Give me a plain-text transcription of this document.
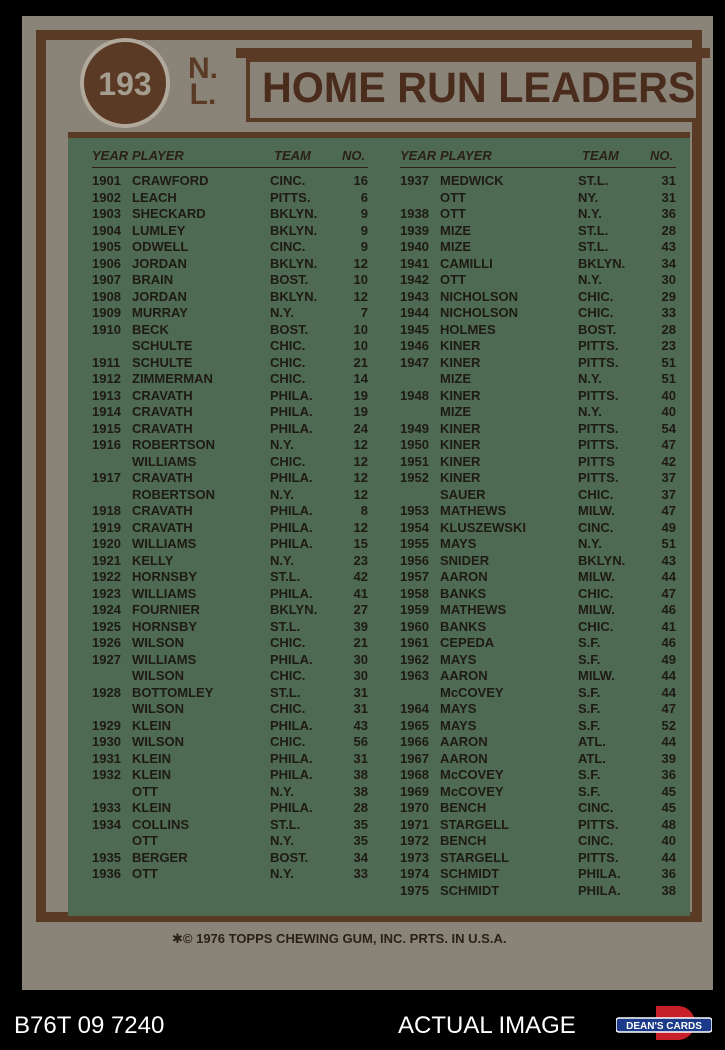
HOME RUN LEADERS
193	N.
L.
YEAR PLAYER	TEAM NO.
1901 CRAWFORD	CINC.	16
1902 LEACH	PITTS.	6
1903 SHECKARD	BKLYN.	9
1904 LUMLEY	BKLYN.	9
1905 ODWELL	CINC.	9
1906 JORDAN	BKLYN.	12
1907 BRAIN	BOST.	10
1908 JORDAN	BKLYN.	12
1909 MURRAY	N.Y.	7
1910 BECK	BOST.	10
SCHULTE	CHIC.	10
1911 SCHULTE	CHIC.	21
1912 ZIMMERMAN	CHIC.	14
1913 CRAVATH	PHILA.	19
1914 CRAVATH	PHILA.	19
1915 CRAVATH	PHILA.	24
1916 ROBERTSON	N.Y.	12
WILLIAMS	CHIC.	12
1917 CRAVATH	PHILA.	12
ROBERTSON	N.Y.	12
1918 CRAVATH	PHILA.	8
1919 CRAVATH	PHILA.	12
1920 WILLIAMS	PHILA.	15
1921 KELLY	N.Y.	23
1922 HORNSBY	ST.L.	42
1923 WILLIAMS	PHILA.	41
1924 FOURNIER	BKLYN.	27
1925 HORNSBY	ST.L.	39
1926 WILSON	CHIC.	21
1927 WILLIAMS	PHILA.	30
WILSON	CHIC.	30
1928 BOTTOMLEY	ST.L.	31
WILSON	CHIC.	31
1929 KLEIN	PHILA.	43
1930 WILSON	CHIC.	56
1931 KLEIN	PHILA.	31
1932 KLEIN	PHILA.	38
OTT	N.Y.	38
1933 KLEIN	PHILA.	28
1934 COLLINS	ST.L.	35
OTT	N.Y.	35
1935 BERGER	BOST.	34
1936 OTT	N.Y.	33
YEAR PLAYER	TEAM NO.
1937 MEDWICK	ST.L.	31
OTT	NY.	31
1938 OTT	N.Y.	36
1939 MIZE	ST.L.	28
1940 MIZE	ST.L.	43
1941 CAMILLI	BKLYN.	34
1942 OTT	N.Y.	30
1943 NICHOLSON	CHIC.	29
1944 NICHOLSON	CHIC.	33
1945 HOLMES	BOST.	28
1946 KINER	PITTS.	23
1947 KINER	PITTS.	51
MIZE	N.Y.	51
1948 KINER	PITTS.	40
MIZE	N.Y.	40
1949 KINER	PITTS.	54
1950 KINER	PITTS.	47
1951 KINER	PITTS	42
1952 KINER	PITTS.	37
SAUER	CHIC.	37
1953 MATHEWS	MILW.	47
1954 KLUSZEWSKI	CINC.	49
1955 MAYS	N.Y.	51
1956 SNIDER	BKLYN.	43
1957 AARON	MILW.	44
1958 BANKS	CHIC.	47
1959 MATHEWS	MILW.	46
1960 BANKS	CHIC.	41
1961 CEPEDA	S.F.	46
1962 MAYS	S.F.	49
1963 AARON	MILW.	44
McCOVEY	S.F.	44
1964 MAYS	S.F.	47
1965 MAYS	S.F.	52
1966 AARON	ATL.	44
1967 AARON	ATL.	39
1968 McCOVEY	S.F.	36
1969 McCOVEY	S.F.	45
1970 BENCH	CINC.	45
1971 STARGELL	PITTS.	48
1972 BENCH	CINC.	40
1973 STARGELL	PITTS.	44
1974 SCHMIDT	PHILA.	36
1975 SCHMIDT	PHILA.	38
✱© 1976 TOPPS CHEWING GUM, INC. PRTS. IN U.S.A.
B76T 09 7240	ACTUAL IMAGE	DEAN'S CARDS
